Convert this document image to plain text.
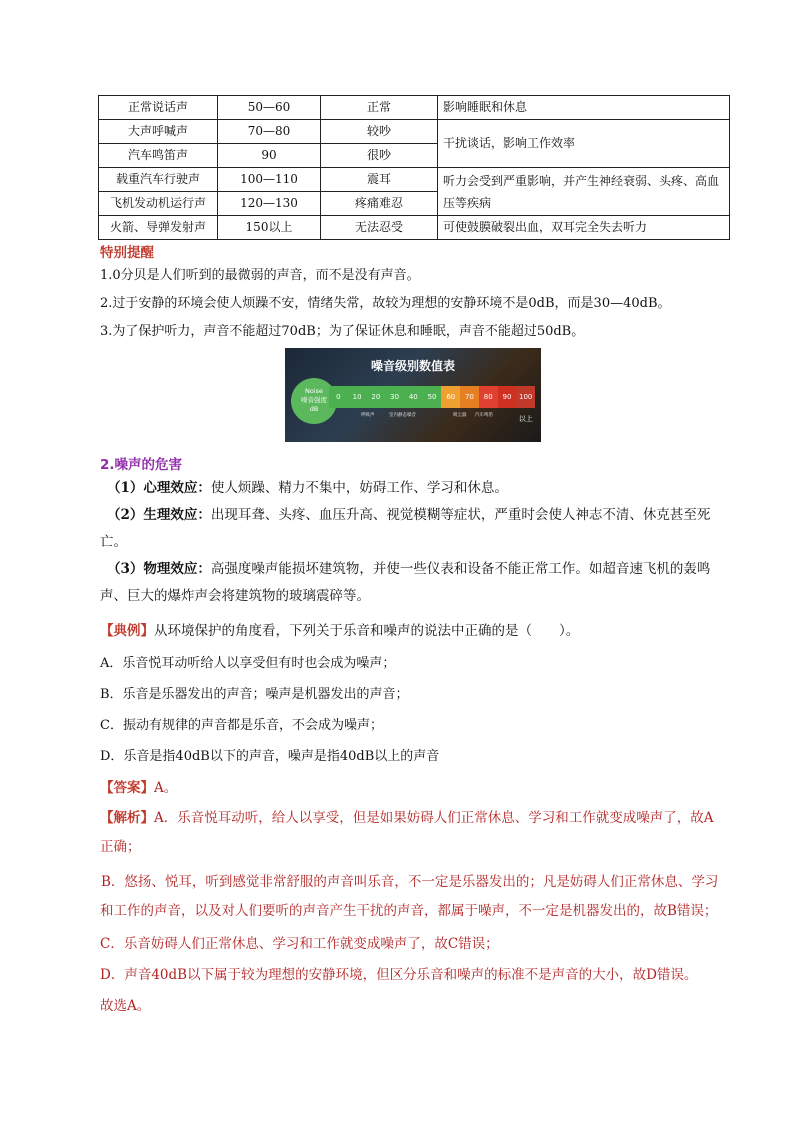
正常说话声	50—60	正常	影响睡眠和休息
大声呼喊声	70—80	较吵	干扰谈话，影响工作效率
汽车鸣笛声	90	很吵	
载重汽车行驶声	100—110	震耳	听力会受到严重影响，并产生神经衰弱、头疼、高血压等疾病
飞机发动机运行声	120—130	疼痛难忍	
火箭、导弹发射声	150以上	无法忍受	可使鼓膜破裂出血，双耳完全失去听力
特别提醒
1.0分贝是人们听到的最微弱的声音，而不是没有声音。
2.过于安静的环境会使人烦躁不安，情绪失常，故较为理想的安静环境不是0dB，而是30—40dB。
3.为了保护听力，声音不能超过70dB；为了保证休息和睡眠，声音不能超过50dB。
噪音级别数值表
Noise
噪音强度
dB
0	10	20	30	40	50	60	70	80	90	100以上
呼吸声	室内静态噪音	吸尘器 汽车鸣笛
2.噪声的危害
（1）心理效应：使人烦躁、精力不集中，妨碍工作、学习和休息。
（2）生理效应：出现耳聋、头疼、血压升高、视觉模糊等症状，严重时会使人神志不清、休克甚至死亡。
（3）物理效应：高强度噪声能损坏建筑物，并使一些仪表和设备不能正常工作。如超音速飞机的轰鸣声、巨大的爆炸声会将建筑物的玻璃震碎等。
【典例】从环境保护的角度看，下列关于乐音和噪声的说法中正确的是（　　）。
A．乐音悦耳动听给人以享受但有时也会成为噪声；
B．乐音是乐器发出的声音；噪声是机器发出的声音；
C．振动有规律的声音都是乐音，不会成为噪声；
D．乐音是指40dB以下的声音，噪声是指40dB以上的声音
【答案】A。
【解析】A．乐音悦耳动听，给人以享受，但是如果妨碍人们正常休息、学习和工作就变成噪声了，故A正确；
B．悠扬、悦耳，听到感觉非常舒服的声音叫乐音，不一定是乐器发出的；凡是妨碍人们正常休息、学习和工作的声音，以及对人们要听的声音产生干扰的声音，都属于噪声，不一定是机器发出的，故B错误；
C．乐音妨碍人们正常休息、学习和工作就变成噪声了，故C错误；
D．声音40dB以下属于较为理想的安静环境，但区分乐音和噪声的标准不是声音的大小，故D错误。
故选A。
